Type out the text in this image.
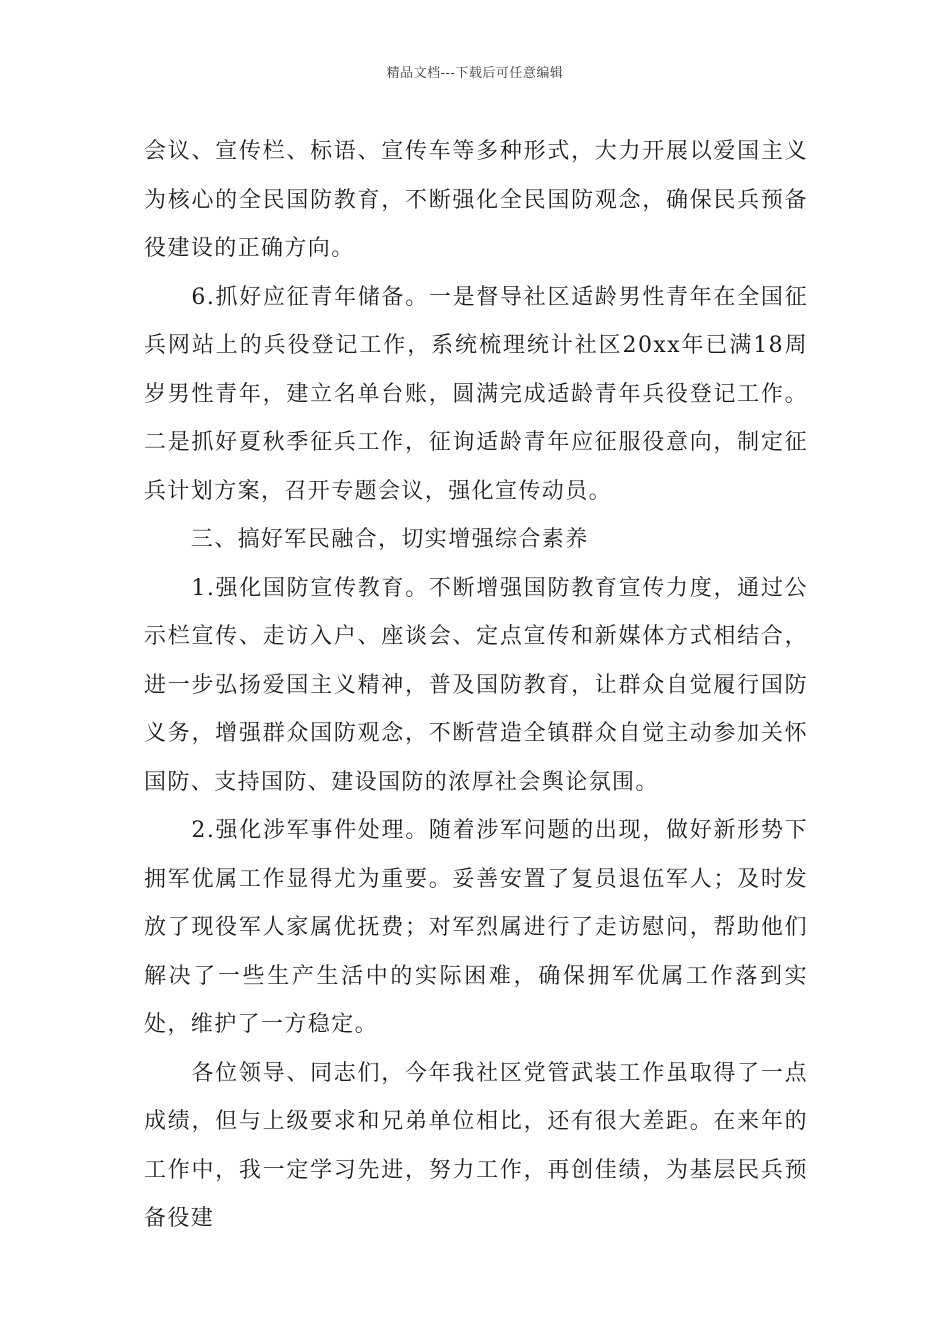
精品文档---下载后可任意编辑

会议、宣传栏、标语、宣传车等多种形式，大力开展以爱国主义为核心的全民国防教育，不断强化全民国防观念，确保民兵预备役建设的正确方向。

　　6.抓好应征青年储备。一是督导社区适龄男性青年在全国征兵网站上的兵役登记工作，系统梳理统计社区20xx年已满18周岁男性青年，建立名单台账，圆满完成适龄青年兵役登记工作。二是抓好夏秋季征兵工作，征询适龄青年应征服役意向，制定征兵计划方案，召开专题会议，强化宣传动员。

　　三、搞好军民融合，切实增强综合素养

　　1.强化国防宣传教育。不断增强国防教育宣传力度，通过公示栏宣传、走访入户、座谈会、定点宣传和新媒体方式相结合，进一步弘扬爱国主义精神，普及国防教育，让群众自觉履行国防义务，增强群众国防观念，不断营造全镇群众自觉主动参加关怀国防、支持国防、建设国防的浓厚社会舆论氛围。

　　2.强化涉军事件处理。随着涉军问题的出现，做好新形势下拥军优属工作显得尤为重要。妥善安置了复员退伍军人；及时发放了现役军人家属优抚费；对军烈属进行了走访慰问，帮助他们解决了一些生产生活中的实际困难，确保拥军优属工作落到实处，维护了一方稳定。

　　各位领导、同志们，今年我社区党管武装工作虽取得了一点成绩，但与上级要求和兄弟单位相比，还有很大差距。在来年的工作中，我一定学习先进，努力工作，再创佳绩，为基层民兵预备役建
